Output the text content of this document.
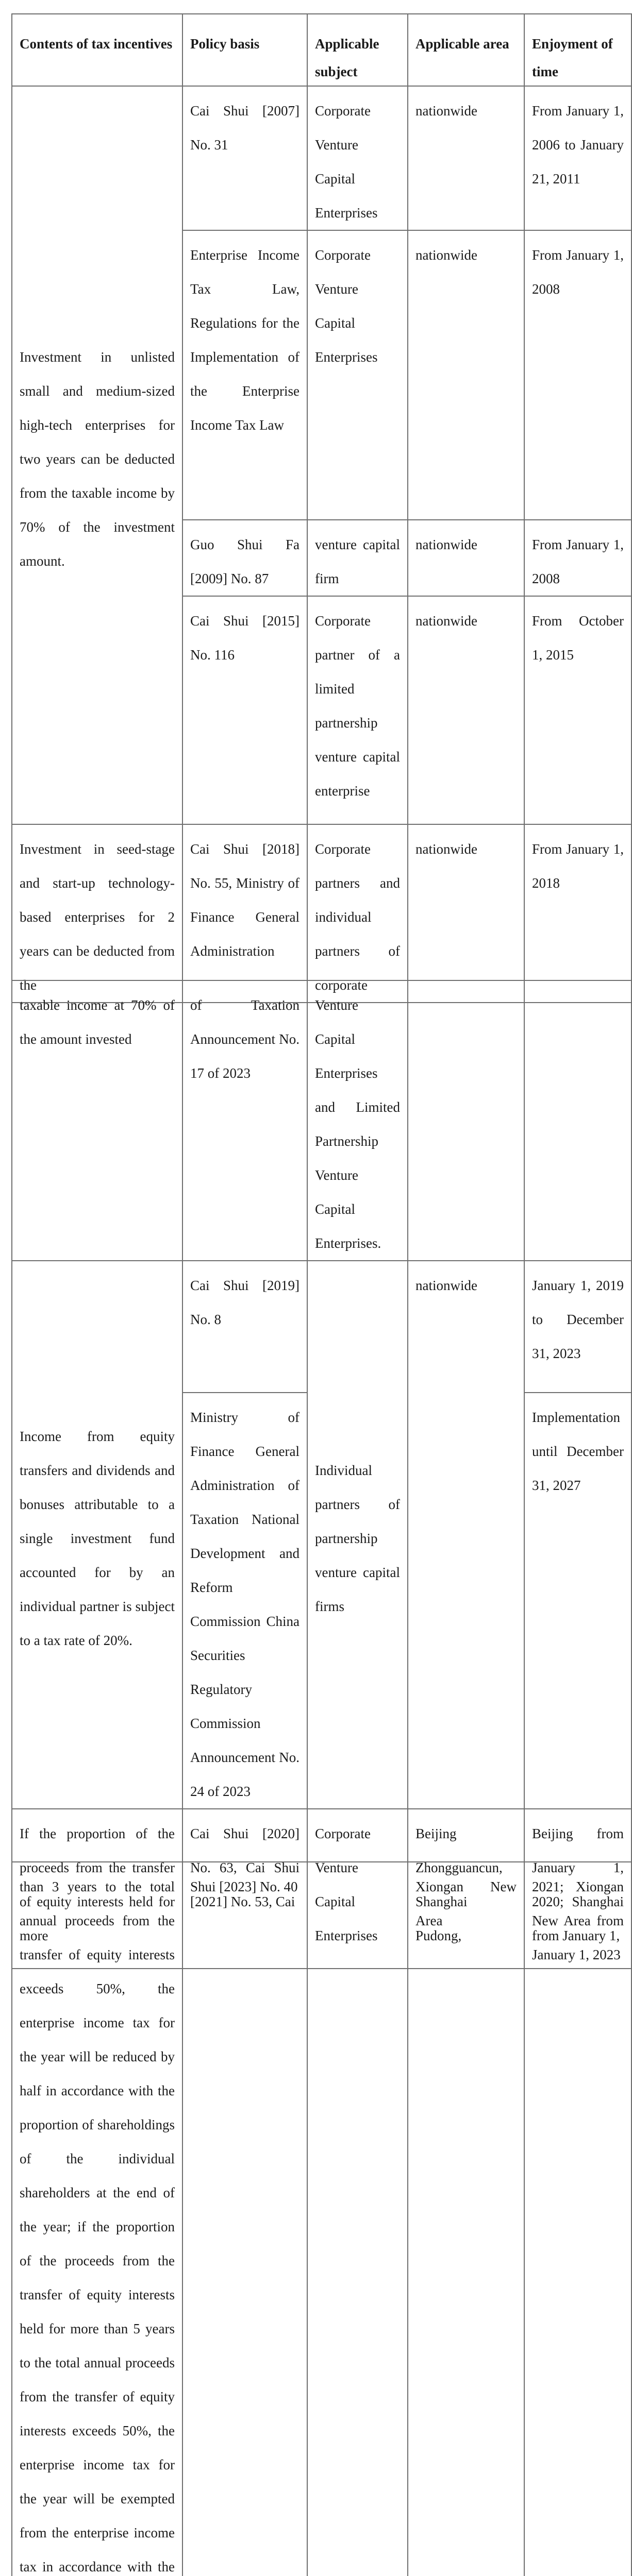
Contents of tax incentives	Policy basis	Applicable subject	Applicable area	Enjoyment of time
Investment in unlisted small and medium-sized high-tech enterprises for two years can be deducted from the taxable income by 70% of the investment amount.	Cai Shui [2007] No. 31	Corporate Venture Capital Enterprises	nationwide	From January 1, 2006 to January 21, 2011
	Enterprise Income Tax Law, Regulations for the Implementation of the Enterprise Income Tax Law	Corporate Venture Capital Enterprises	nationwide	From January 1, 2008
	Guo Shui Fa [2009] No. 87	venture capital firm	nationwide	From January 1, 2008
	Cai Shui [2015] No. 116	Corporate partner of a limited partnership venture capital enterprise	nationwide	From October 1, 2015
Investment in seed-stage and start-up technology-based enterprises for 2 years can be deducted from the	Cai Shui [2018] No. 55, Ministry of Finance General Administration	Corporate partners and individual partners of corporate	nationwide	From January 1, 2018
taxable income at 70% of the amount invested	of Taxation Announcement No. 17 of 2023	Venture Capital Enterprises and Limited Partnership Venture Capital Enterprises.		
Income from equity transfers and dividends and bonuses attributable to a single investment fund accounted for by an individual partner is subject to a tax rate of 20%.	Cai Shui [2019] No. 8	Individual partners of partnership venture capital firms	nationwide	January 1, 2019 to December 31, 2023
	Ministry of Finance General Administration of Taxation National Development and Reform Commission China Securities Regulatory Commission Announcement No. 24 of 2023			Implementation until December 31, 2027
If the proportion of the proceeds from the transfer of equity interests held for more	Cai Shui [2020] No. 63, Cai Shui [2021] No. 53, Cai	Corporate Venture Capital Enterprises	Beijing Zhongguancun, Shanghai Pudong,	Beijing from January 1, 2020; Shanghai from January 1,
than 3 years to the total annual proceeds from the transfer of equity interests exceeds 50%, the enterprise income tax for the year will be reduced by half in accordance with the proportion of shareholdings of the individual shareholders at the end of the year; if the proportion of the proceeds from the transfer of equity interests held for more than 5 years to the total annual proceeds from the transfer of equity interests exceeds 50%, the enterprise income tax for the year will be exempted from the enterprise income tax in accordance with the	Shui [2023] No. 40		Xiongan New Area	2021; Xiongan New Area from January 1, 2023
